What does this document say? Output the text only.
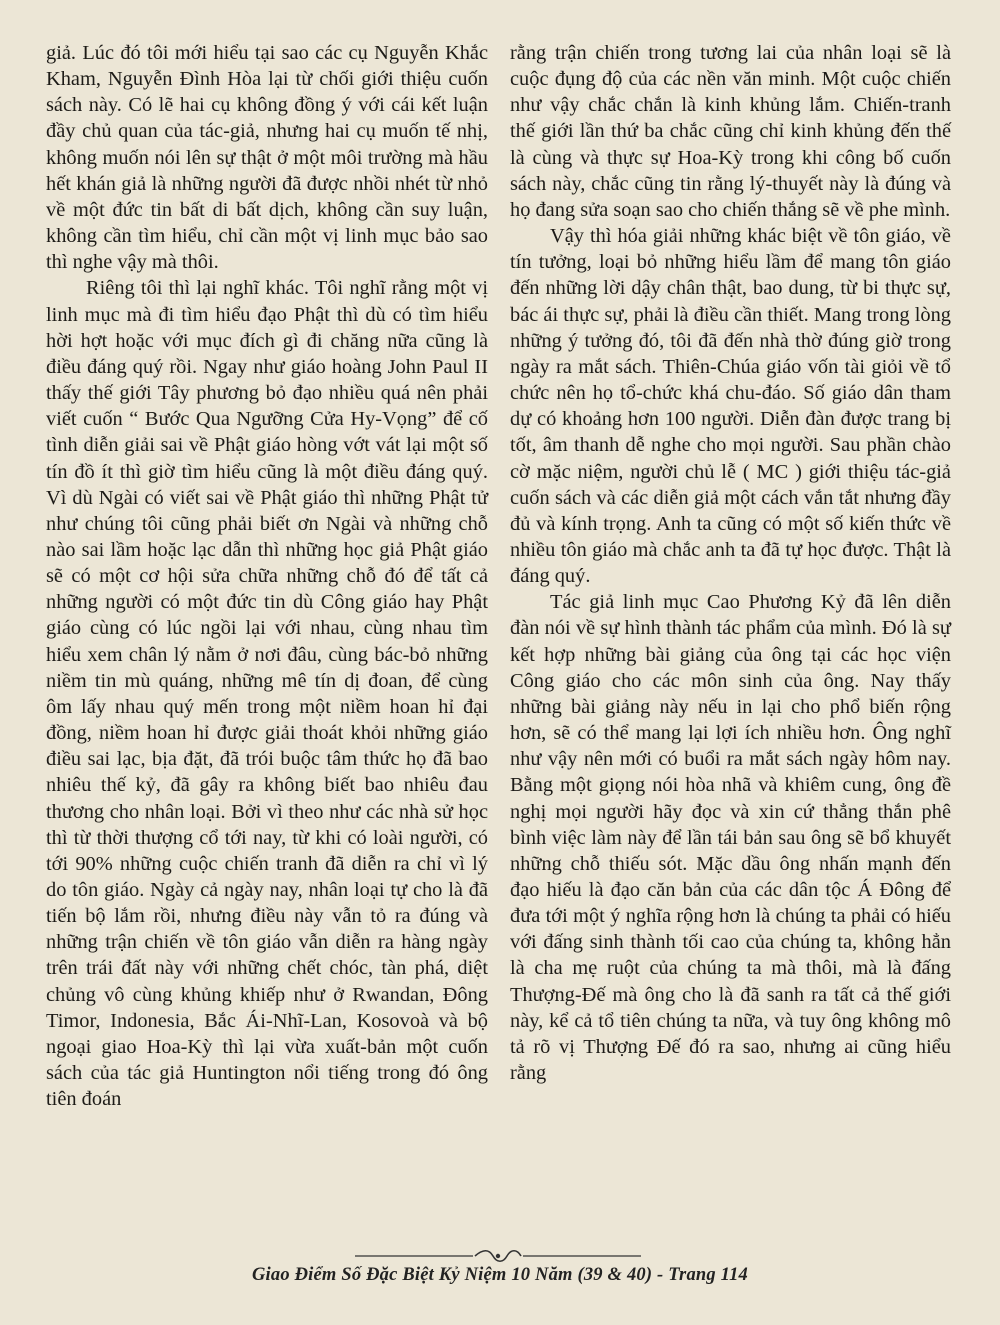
giả. Lúc đó tôi mới hiểu tại sao các cụ Nguyễn Khắc Kham, Nguyễn Đình Hòa lại từ chối giới thiệu cuốn sách này. Có lẽ hai cụ không đồng ý với cái kết luận đầy chủ quan của tác-giả, nhưng hai cụ muốn tế nhị, không muốn nói lên sự thật ở một môi trường mà hầu hết khán giả là những người đã được nhồi nhét từ nhỏ về một đức tin bất di bất dịch, không cần suy luận, không cần tìm hiểu, chỉ cần một vị linh mục bảo sao thì nghe vậy mà thôi.

Riêng tôi thì lại nghĩ khác. Tôi nghĩ rằng một vị linh mục mà đi tìm hiểu đạo Phật thì dù có tìm hiểu hời hợt hoặc với mục đích gì đi chăng nữa cũng là điều đáng quý rồi. Ngay như giáo hoàng John Paul II thấy thế giới Tây phương bỏ đạo nhiều quá nên phải viết cuốn “ Bước Qua Ngưỡng Cửa Hy-Vọng” để cố tình diễn giải sai về Phật giáo hòng vớt vát lại một số tín đồ ít thì giờ tìm hiểu cũng là một điều đáng quý. Vì dù Ngài có viết sai về Phật giáo thì những Phật tử như chúng tôi cũng phải biết ơn Ngài và những chỗ nào sai lầm hoặc lạc dẫn thì những học giả Phật giáo sẽ có một cơ hội sửa chữa những chỗ đó để tất cả những người có một đức tin dù Công giáo hay Phật giáo cùng có lúc ngồi lại với nhau, cùng nhau tìm hiểu xem chân lý nằm ở nơi đâu, cùng bác-bỏ những niềm tin mù quáng, những mê tín dị đoan, để cùng ôm lấy nhau quý mến trong một niềm hoan hỉ đại đồng, niềm hoan hỉ được giải thoát khỏi những giáo điều sai lạc, bịa đặt, đã trói buộc tâm thức họ đã bao nhiêu thế kỷ, đã gây ra không biết bao nhiêu đau thương cho nhân loại. Bởi vì theo như các nhà sử học thì từ thời thượng cổ tới nay, từ khi có loài người, có tới 90% những cuộc chiến tranh đã diễn ra chỉ vì lý do tôn giáo. Ngày cả ngày nay, nhân loại tự cho là đã tiến bộ lắm rồi, nhưng điều này vẫn tỏ ra đúng và những trận chiến về tôn giáo vẫn diễn ra hàng ngày trên trái đất này với những chết chóc, tàn phá, diệt chủng vô cùng khủng khiếp như ở Rwandan, Đông Timor, Indonesia, Bắc Ái-Nhĩ-Lan, Kosovoà và bộ ngoại giao Hoa-Kỳ thì lại vừa xuất-bản một cuốn sách của tác giả Huntington nổi tiếng trong đó ông tiên đoán

rằng trận chiến trong tương lai của nhân loại sẽ là cuộc đụng độ của các nền văn minh. Một cuộc chiến như vậy chắc chắn là kinh khủng lắm. Chiến-tranh thế giới lần thứ ba chắc cũng chỉ kinh khủng đến thế là cùng và thực sự Hoa-Kỳ trong khi công bố cuốn sách này, chắc cũng tin rằng lý-thuyết này là đúng và họ đang sửa soạn sao cho chiến thắng sẽ về phe mình.

Vậy thì hóa giải những khác biệt về tôn giáo, về tín tưởng, loại bỏ những hiểu lầm để mang tôn giáo đến những lời dậy chân thật, bao dung, từ bi thực sự, bác ái thực sự, phải là điều cần thiết. Mang trong lòng những ý tưởng đó, tôi đã đến nhà thờ đúng giờ trong ngày ra mắt sách. Thiên-Chúa giáo vốn tài giỏi về tổ chức nên họ tổ-chức khá chu-đáo. Số giáo dân tham dự có khoảng hơn 100 người. Diễn đàn được trang bị tốt, âm thanh dễ nghe cho mọi người. Sau phần chào cờ mặc niệm, người chủ lễ ( MC ) giới thiệu tác-giả cuốn sách và các diễn giả một cách vắn tắt nhưng đầy đủ và kính trọng. Anh ta cũng có một số kiến thức về nhiều tôn giáo mà chắc anh ta đã tự học được. Thật là đáng quý.

Tác giả linh mục Cao Phương Kỷ đã lên diễn đàn nói về sự hình thành tác phẩm của mình. Đó là sự kết hợp những bài giảng của ông tại các học viện Công giáo cho các môn sinh của ông. Nay thấy những bài giảng này nếu in lại cho phổ biến rộng hơn, sẽ có thể mang lại lợi ích nhiều hơn. Ông nghĩ như vậy nên mới có buổi ra mắt sách ngày hôm nay. Bằng một giọng nói hòa nhã và khiêm cung, ông đề nghị mọi người hãy đọc và xin cứ thẳng thắn phê bình việc làm này để lần tái bản sau ông sẽ bổ khuyết những chỗ thiếu sót. Mặc dầu ông nhấn mạnh đến đạo hiếu là đạo căn bản của các dân tộc Á Đông để đưa tới một ý nghĩa rộng hơn là chúng ta phải có hiếu với đấng sinh thành tối cao của chúng ta, không hẳn là cha mẹ ruột của chúng ta mà thôi, mà là đấng Thượng-Đế mà ông cho là đã sanh ra tất cả thế giới này, kể cả tổ tiên chúng ta nữa, và tuy ông không mô tả rõ vị Thượng Đế đó ra sao, nhưng ai cũng hiểu rằng

Giao Điểm Số Đặc Biệt Kỷ Niệm 10 Năm (39 & 40) - Trang 114
